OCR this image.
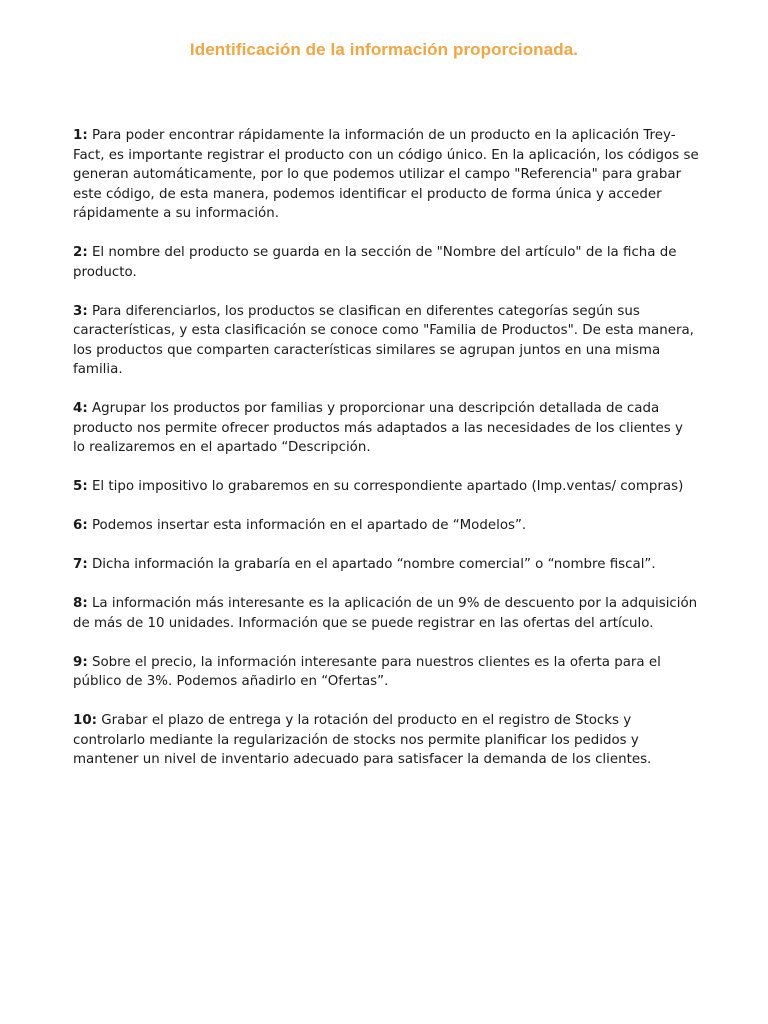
Identificación de la información proporcionada.

1: Para poder encontrar rápidamente la información de un producto en la aplicación Trey-Fact, es importante registrar el producto con un código único. En la aplicación, los códigos se generan automáticamente, por lo que podemos utilizar el campo "Referencia" para grabar este código, de esta manera, podemos identificar el producto de forma única y acceder rápidamente a su información.

2: El nombre del producto se guarda en la sección de "Nombre del artículo" de la ficha de producto.

3: Para diferenciarlos, los productos se clasifican en diferentes categorías según sus características, y esta clasificación se conoce como "Familia de Productos". De esta manera, los productos que comparten características similares se agrupan juntos en una misma familia.

4: Agrupar los productos por familias y proporcionar una descripción detallada de cada producto nos permite ofrecer productos más adaptados a las necesidades de los clientes y lo realizaremos en el apartado “Descripción.

5: El tipo impositivo lo grabaremos en su correspondiente apartado (Imp.ventas/ compras)

6: Podemos insertar esta información en el apartado de “Modelos”.

7: Dicha información la grabaría en el apartado “nombre comercial” o “nombre fiscal”.

8: La información más interesante es la aplicación de un 9% de descuento por la adquisición de más de 10 unidades. Información que se puede registrar en las ofertas del artículo.

9: Sobre el precio, la información interesante para nuestros clientes es la oferta para el público de 3%. Podemos añadirlo en “Ofertas”.

10: Grabar el plazo de entrega y la rotación del producto en el registro de Stocks y controlarlo mediante la regularización de stocks nos permite planificar los pedidos y mantener un nivel de inventario adecuado para satisfacer la demanda de los clientes.
